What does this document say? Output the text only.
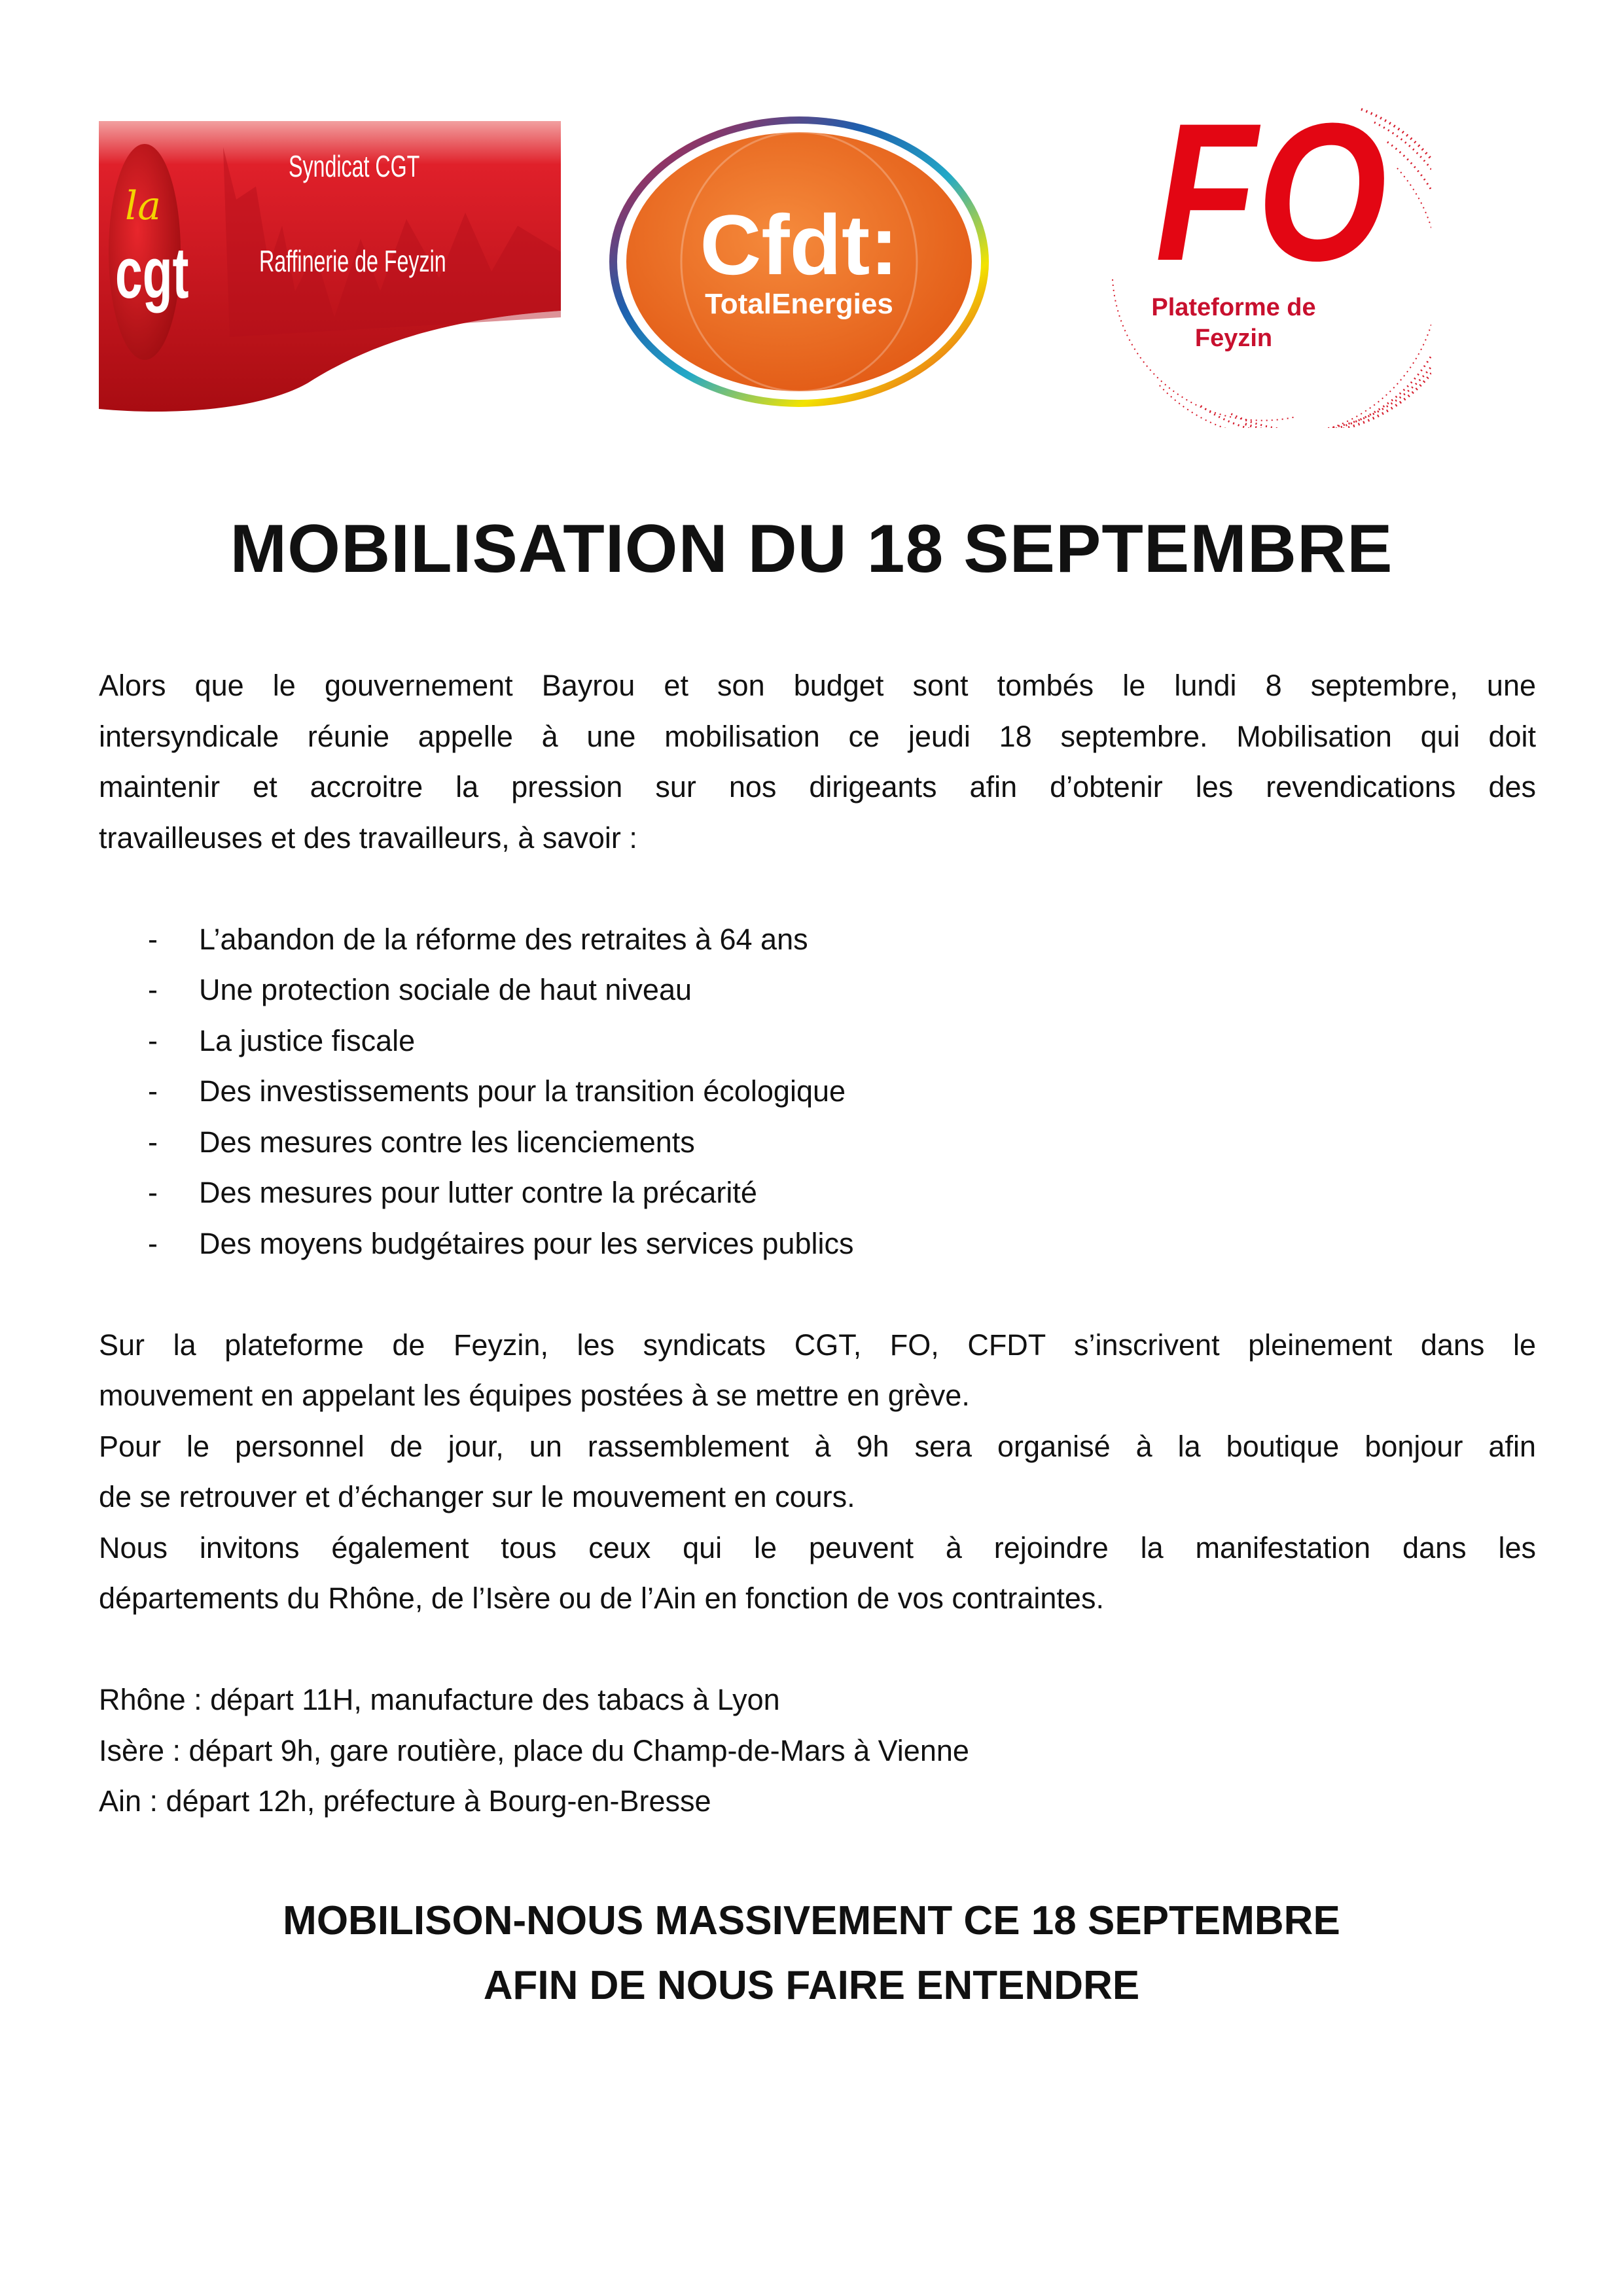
la
cgt
Syndicat CGT
Raffinerie de Feyzin	Cfdt:
TotalEnergies
FO
Plateforme de
Feyzin
MOBILISATION DU 18 SEPTEMBRE
Alors que le gouvernement Bayrou et son budget sont tombés le lundi 8 septembre, une
intersyndicale réunie appelle à une mobilisation ce jeudi 18 septembre. Mobilisation qui doit
maintenir et accroitre la pression sur nos dirigeants afin d’obtenir les revendications des
travailleuses et des travailleurs, à savoir :
- L’abandon de la réforme des retraites à 64 ans
- Une protection sociale de haut niveau
- La justice fiscale
- Des investissements pour la transition écologique
- Des mesures contre les licenciements
- Des mesures pour lutter contre la précarité
- Des moyens budgétaires pour les services publics
Sur la plateforme de Feyzin, les syndicats CGT, FO, CFDT s’inscrivent pleinement dans le
mouvement en appelant les équipes postées à se mettre en grève.
Pour le personnel de jour, un rassemblement à 9h sera organisé à la boutique bonjour afin
de se retrouver et d’échanger sur le mouvement en cours.
Nous invitons également tous ceux qui le peuvent à rejoindre la manifestation dans les
départements du Rhône, de l’Isère ou de l’Ain en fonction de vos contraintes.
Rhône : départ 11H, manufacture des tabacs à Lyon
Isère : départ 9h, gare routière, place du Champ-de-Mars à Vienne
Ain : départ 12h, préfecture à Bourg-en-Bresse
MOBILISON-NOUS MASSIVEMENT CE 18 SEPTEMBRE
AFIN DE NOUS FAIRE ENTENDRE
